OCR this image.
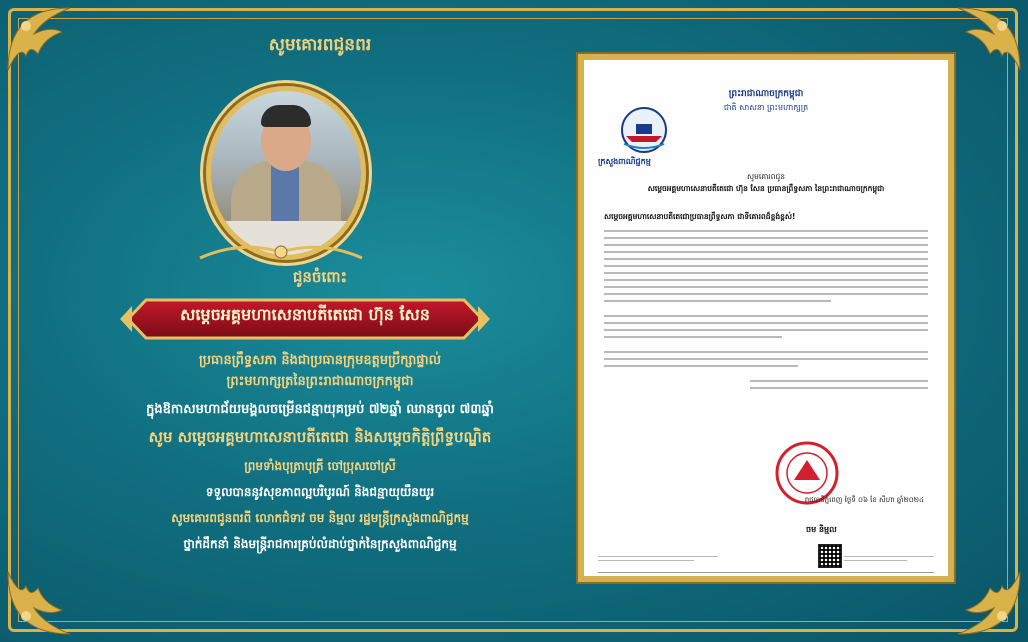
សូមគោរពជូនពរ
ជូនចំពោះ
សម្តេចអគ្គមហាសេនាបតីតេជោ ហ៊ុន សែន
ប្រធានព្រឹទ្ធសភា និងជាប្រធានក្រុមឧត្តមប្រឹក្សាផ្ទាល់
ព្រះមហាក្សត្រនៃព្រះរាជាណាចក្រកម្ពុជា
ក្នុងឱកាសមហាជ័យមង្គលចម្រើនជន្មាយុគម្រប់ ៧២ឆ្នាំ ឈានចូល ៧៣ឆ្នាំ
សូម សម្តេចអគ្គមហាសេនាបតីតេជោ និងសម្តេចកិត្តិព្រឹទ្ធបណ្ឌិត
ព្រមទាំងបុត្រាបុត្រី ចៅប្រុសចៅស្រី
ទទួលបាននូវសុខភាពល្អបរិបូរណ៍ និងជន្មាយុយឺនយូរ
សូមគោរពជូនពរពី លោកជំទាវ ចម និម្មល រដ្ឋមន្ត្រីក្រសួងពាណិជ្ជកម្ម
ថ្នាក់ដឹកនាំ និងមន្ត្រីរាជការគ្រប់លំដាប់ថ្នាក់នៃក្រសួងពាណិជ្ជកម្ម
ព្រះរាជាណាចក្រកម្ពុជា
ជាតិ សាសនា ព្រះមហាក្សត្រ
ក្រសួងពាណិជ្ជកម្ម
សូមគោរពជូន
សម្តេចអគ្គមហាសេនាបតីតេជោ ហ៊ុន សែន ប្រធានព្រឹទ្ធសភា នៃព្រះរាជាណាចក្រកម្ពុជា
សម្តេចអគ្គមហាសេនាបតីតេជោប្រធានព្រឹទ្ធសភា ជាទីគោរពដ៏ខ្ពង់ខ្ពស់!
រាជធានីភ្នំពេញ ថ្ងៃទី ០៦ ខែ សីហា ឆ្នាំ២០២៤
ចម និម្មល
